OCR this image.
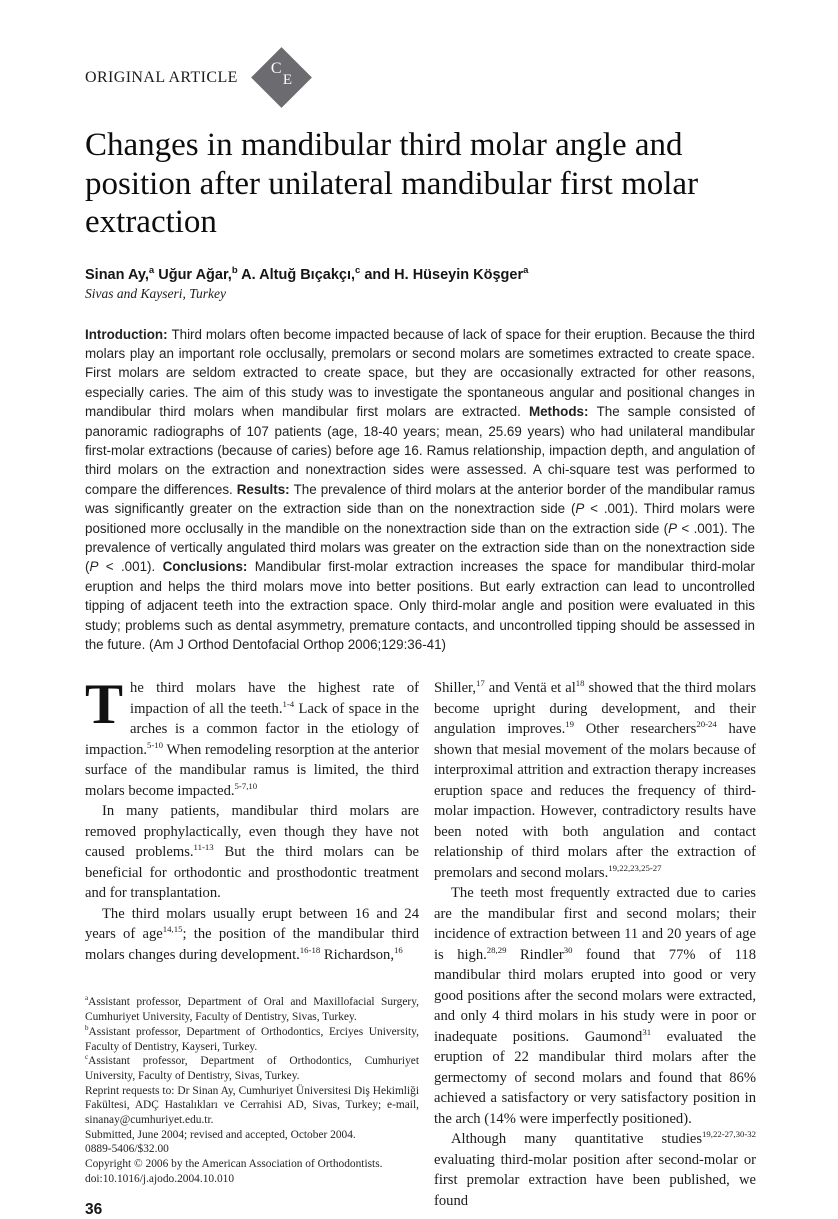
ORIGINAL ARTICLE
C
E
Changes in mandibular third molar angle and
position after unilateral mandibular first molar
extraction
Sinan Ay,$^a$ Uğur Ağar,$^b$ A. Altuğ Bıçakçı,$^c$ and H. Hüseyin Köşger$^a$
Sivas and Kayseri, Turkey
Introduction: Third molars often become impacted because of lack of space for their eruption. Because the third molars play an important role occlusally, premolars or second molars are sometimes extracted to create space. First molars are seldom extracted to create space, but they are occasionally extracted for other reasons, especially caries. The aim of this study was to investigate the spontaneous angular and positional changes in mandibular third molars when mandibular first molars are extracted. Methods: The sample consisted of panoramic radiographs of 107 patients (age, 18-40 years; mean, 25.69 years) who had unilateral mandibular first-molar extractions (because of caries) before age 16. Ramus relationship, impaction depth, and angulation of third molars on the extraction and nonextraction sides were assessed. A chi-square test was performed to compare the differences. Results: The prevalence of third molars at the anterior border of the mandibular ramus was significantly greater on the extraction side than on the nonextraction side (P < .001). Third molars were positioned more occlusally in the mandible on the nonextraction side than on the extraction side (P < .001). The prevalence of vertically angulated third molars was greater on the extraction side than on the nonextraction side (P < .001). Conclusions: Mandibular first-molar extraction increases the space for mandibular third-molar eruption and helps the third molars move into better positions. But early extraction can lead to uncontrolled tipping of adjacent teeth into the extraction space. Only third-molar angle and position were evaluated in this study; problems such as dental asymmetry, premature contacts, and uncontrolled tipping should be assessed in the future. (Am J Orthod Dentofacial Orthop 2006;129:36-41)

The third molars have the highest rate of impaction of all the teeth.$^{1-4}$ Lack of space in the arches is a common factor in the etiology of impaction.$^{5-10}$ When remodeling resorption at the anterior surface of the mandibular ramus is limited, the third molars become impacted.$^{5-7,10}$

In many patients, mandibular third molars are removed prophylactically, even though they have not caused problems.$^{11-13}$ But the third molars can be beneficial for orthodontic and prosthodontic treatment and for transplantation.

The third molars usually erupt between 16 and 24 years of age$^{14,15}$; the position of the mandibular third molars changes during development.$^{16-18}$ Richardson,$^{16}$

$^a$Assistant professor, Department of Oral and Maxillofacial Surgery, Cumhuriyet University, Faculty of Dentistry, Sivas, Turkey.

$^b$Assistant professor, Department of Orthodontics, Erciyes University, Faculty of Dentistry, Kayseri, Turkey.

$^c$Assistant professor, Department of Orthodontics, Cumhuriyet University, Faculty of Dentistry, Sivas, Turkey.

Reprint requests to: Dr Sinan Ay, Cumhuriyet Üniversitesi Diş Hekimliği Fakültesi, ADÇ Hastalıkları ve Cerrahisi AD, Sivas, Turkey; e-mail, sinanay@cumhuriyet.edu.tr.

Submitted, June 2004; revised and accepted, October 2004.

0889-5406/$32.00

Copyright © 2006 by the American Association of Orthodontists.

doi:10.1016/j.ajodo.2004.10.010

36

Shiller,$^{17}$ and Ventä et $al^{18}$ showed that the third molars become upright during development, and their angulation improves.$^{19}$ Other researchers$^{20-24}$ have shown that mesial movement of the molars because of interproximal attrition and extraction therapy increases eruption space and reduces the frequency of third-molar impaction. However, contradictory results have been noted with both angulation and contact relationship of third molars after the extraction of premolars and second molars.$^{19,22,23,25-27}$

The teeth most frequently extracted due to caries are the mandibular first and second molars; their incidence of extraction between 11 and 20 years of age is high.$^{28,29}$ Rindler$^{30}$ found that 77% of 118 mandibular third molars erupted into good or very good positions after the second molars were extracted, and only 4 third molars in his study were in poor or inadequate positions. Gaumond$^{31}$ evaluated the eruption of 22 mandibular third molars after the germectomy of second molars and found that 86% achieved a satisfactory or very satisfactory position in the arch (14% were imperfectly positioned).

Although many quantitative studies$^{19,22-27,30-32}$ evaluating third-molar position after second-molar or first premolar extraction have been published, we found
